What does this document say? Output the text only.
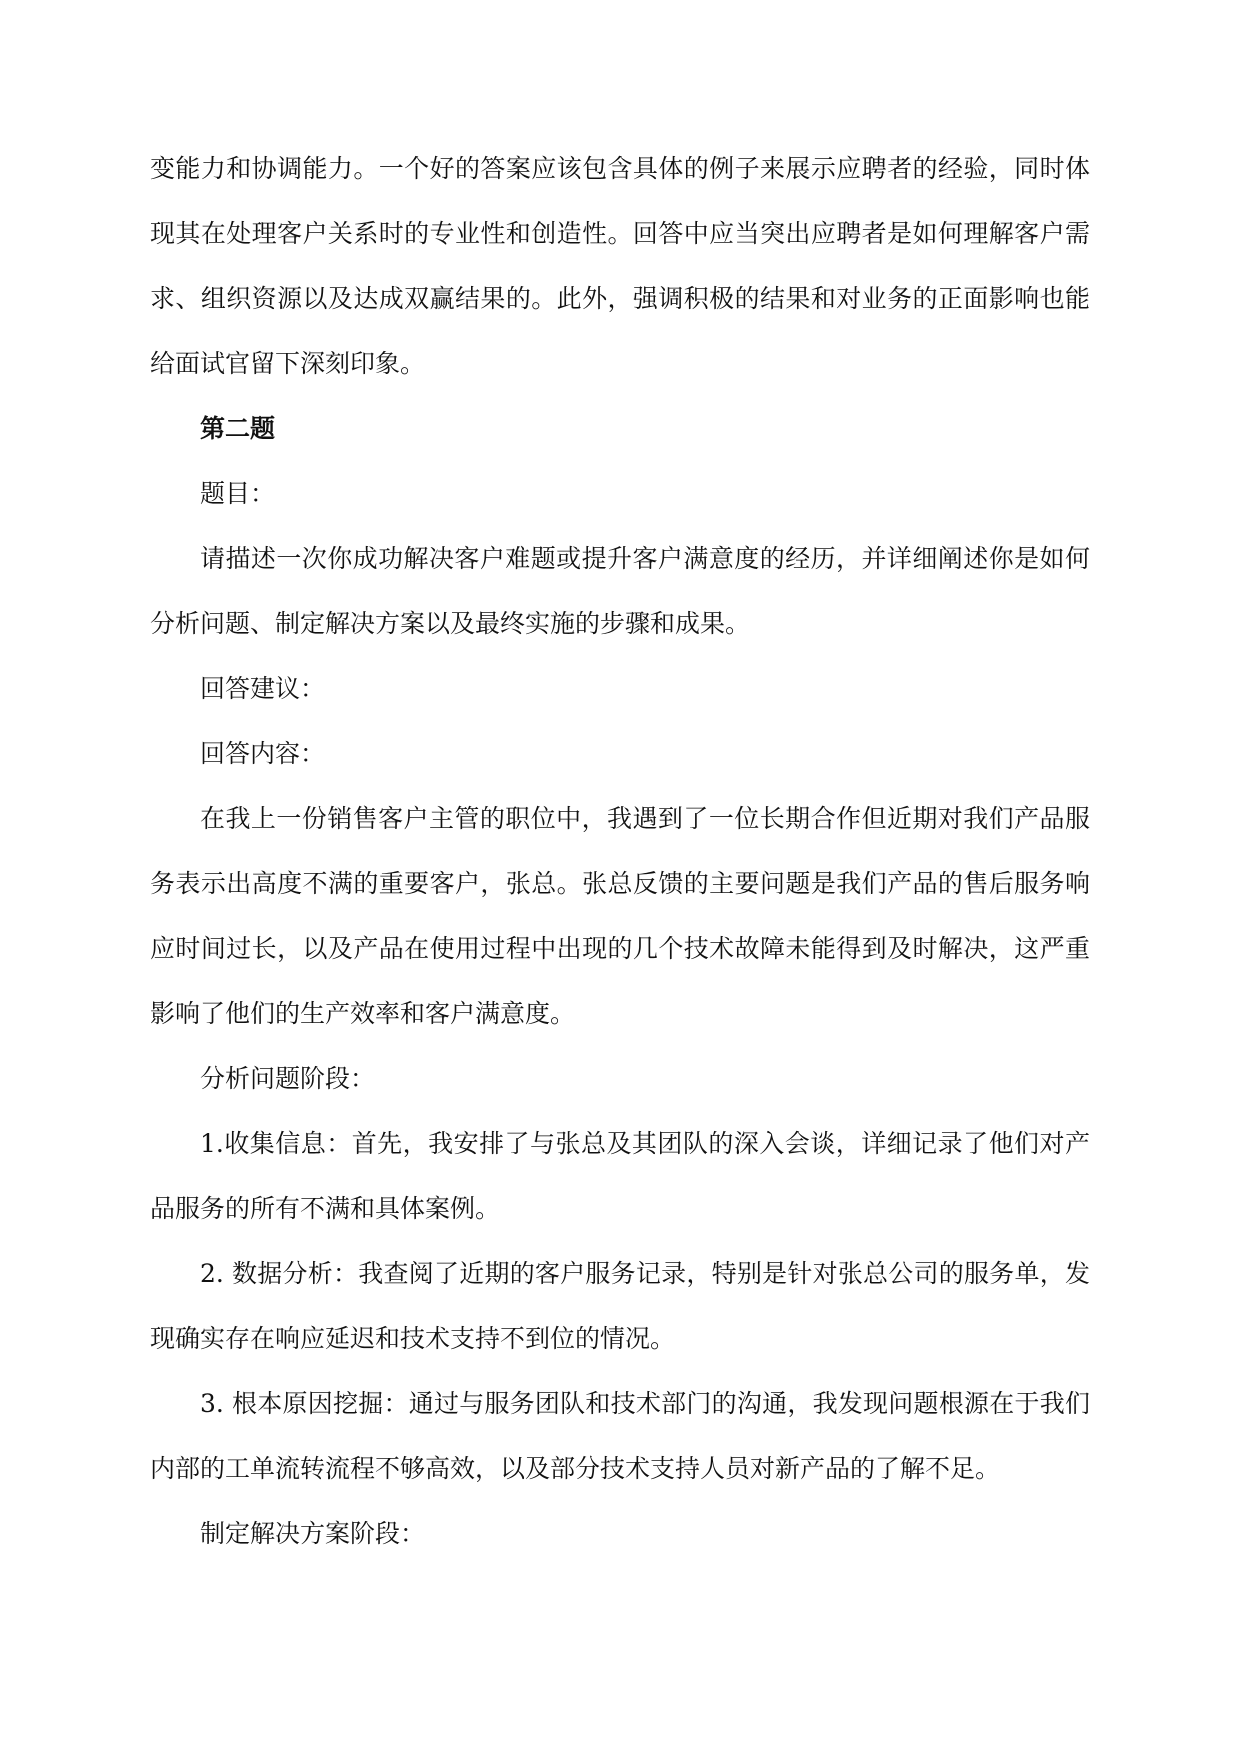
变能力和协调能力。一个好的答案应该包含具体的例子来展示应聘者的经验，同时体现其在处理客户关系时的专业性和创造性。回答中应当突出应聘者是如何理解客户需求、组织资源以及达成双赢结果的。此外，强调积极的结果和对业务的正面影响也能给面试官留下深刻印象。

第二题

题目：

请描述一次你成功解决客户难题或提升客户满意度的经历，并详细阐述你是如何分析问题、制定解决方案以及最终实施的步骤和成果。

回答建议：

回答内容：

在我上一份销售客户主管的职位中，我遇到了一位长期合作但近期对我们产品服务表示出高度不满的重要客户，张总。张总反馈的主要问题是我们产品的售后服务响应时间过长，以及产品在使用过程中出现的几个技术故障未能得到及时解决，这严重影响了他们的生产效率和客户满意度。

分析问题阶段：

1.收集信息：首先，我安排了与张总及其团队的深入会谈，详细记录了他们对产品服务的所有不满和具体案例。

2. 数据分析：我查阅了近期的客户服务记录，特别是针对张总公司的服务单，发现确实存在响应延迟和技术支持不到位的情况。

3. 根本原因挖掘：通过与服务团队和技术部门的沟通，我发现问题根源在于我们内部的工单流转流程不够高效，以及部分技术支持人员对新产品的了解不足。

制定解决方案阶段：
